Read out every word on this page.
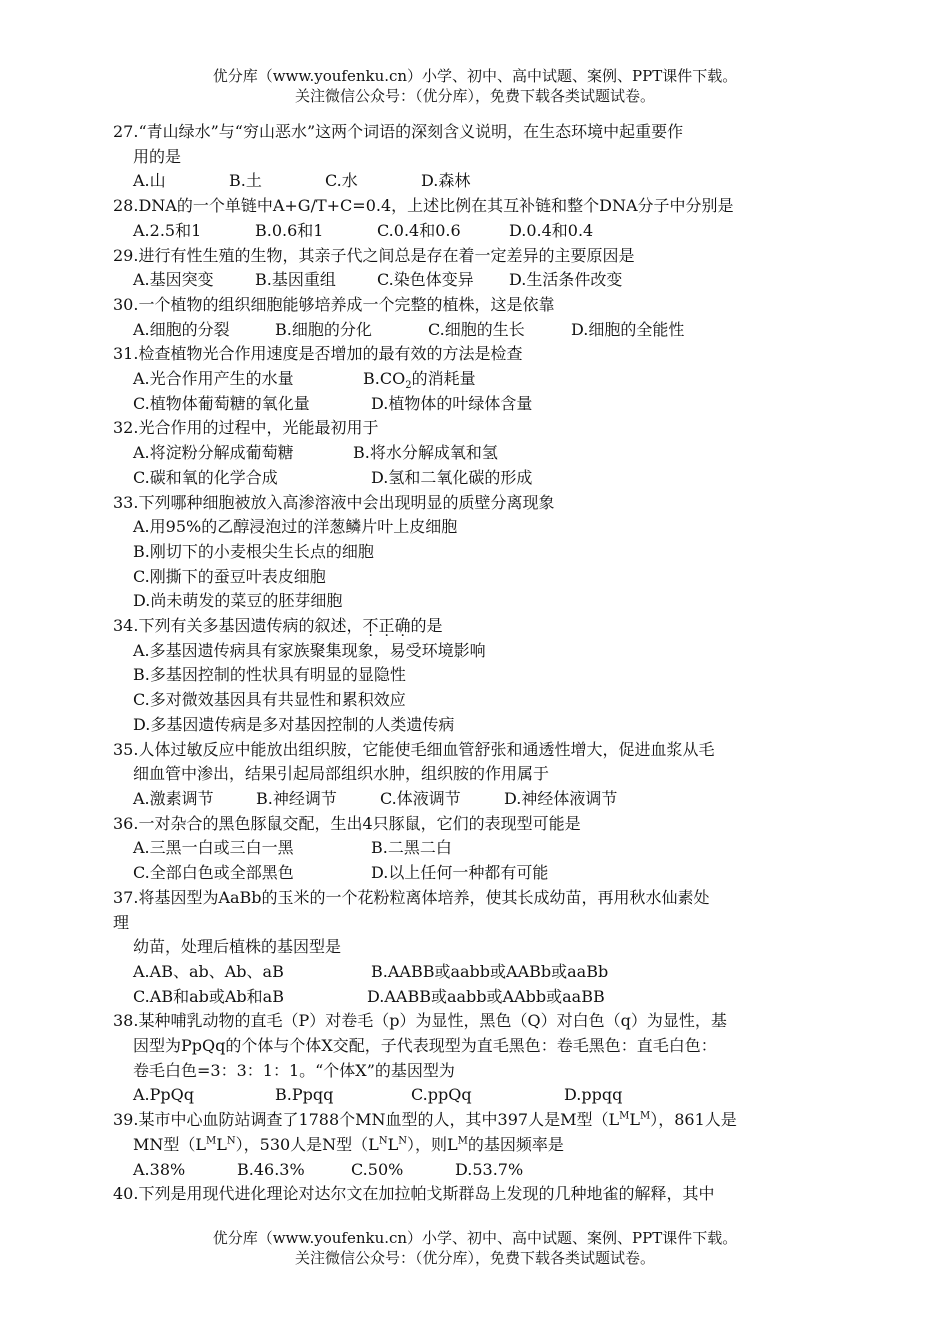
优分库（www.youfenku.cn）小学、初中、高中试题、案例、PPT课件下载。
关注微信公众号：（优分库），免费下载各类试题试卷。
27.“青山绿水”与“穷山恶水”这两个词语的深刻含义说明，在生态环境中起重要作
用的是
A.山	B.土	C.水	D.森林
28.DNA的一个单链中A+G/T+C=0.4，上述比例在其互补链和整个DNA分子中分别是
A.2.5和1	B.0.6和1	C.0.4和0.6	D.0.4和0.4
29.进行有性生殖的生物，其亲子代之间总是存在着一定差异的主要原因是
A.基因突变	B.基因重组	C.染色体变异	D.生活条件改变
30.一个植物的组织细胞能够培养成一个完整的植株，这是依靠
A.细胞的分裂	B.细胞的分化	C.细胞的生长	D.细胞的全能性
31.检查植物光合作用速度是否增加的最有效的方法是检查
A.光合作用产生的水量	$B.CO_2$的消耗量
C.植物体葡萄糖的氧化量	D.植物体的叶绿体含量
32.光合作用的过程中，光能最初用于
A.将淀粉分解成葡萄糖	B.将水分解成氧和氢
C.碳和氧的化学合成	D.氢和二氧化碳的形成
33.下列哪种细胞被放入高渗溶液中会出现明显的质壁分离现象
A.用95%的乙醇浸泡过的洋葱鳞片叶上皮细胞
B.刚切下的小麦根尖生长点的细胞
C.刚撕下的蚕豆叶表皮细胞
D.尚未萌发的菜豆的胚芽细胞
34.下列有关多基因遗传病的叙述，不正确的是
A.多基因遗传病具有家族聚集现象，易受环境影响
B.多基因控制的性状具有明显的显隐性
C.多对微效基因具有共显性和累积效应
D.多基因遗传病是多对基因控制的人类遗传病
35.人体过敏反应中能放出组织胺，它能使毛细血管舒张和通透性增大，促进血浆从毛
细血管中渗出，结果引起局部组织水肿，组织胺的作用属于
A.激素调节	B.神经调节	C.体液调节	D.神经体液调节
36.一对杂合的黑色豚鼠交配，生出4只豚鼠，它们的表现型可能是
A.三黑一白或三白一黑	B.二黑二白
C.全部白色或全部黑色	D.以上任何一种都有可能
37.将基因型为AaBb的玉米的一个花粉粒离体培养，使其长成幼苗，再用秋水仙素处
理
幼苗，处理后植株的基因型是
A.AB、ab、Ab、aB	B.AABB或aabb或AABb或aaBb
C.AB和ab或Ab和aB	D.AABB或aabb或AAbb或aaBB
38.某种哺乳动物的直毛（P）对卷毛（p）为显性，黑色（Q）对白色（q）为显性，基
因型为PpQq的个体与个体X交配，子代表现型为直毛黑色：卷毛黑色：直毛白色：
卷毛白色=3：3：1：1。“个体X”的基因型为
A.PpQq	B.Ppqq	C.ppQq	D.ppqq
39.某市中心血防站调查了1788个MN血型的人，其中397人是M型$(L^ML^M)$，861人是
MN型$(L^ML^N)$，530人是N型$(L^NL^N)$，则$L^M$的基因频率是
A.38%	B.46.3%	C.50%	D.53.7%
40.下列是用现代进化理论对达尔文在加拉帕戈斯群岛上发现的几种地雀的解释，其中
优分库（www.youfenku.cn）小学、初中、高中试题、案例、PPT课件下载。
关注微信公众号：（优分库），免费下载各类试题试卷。
